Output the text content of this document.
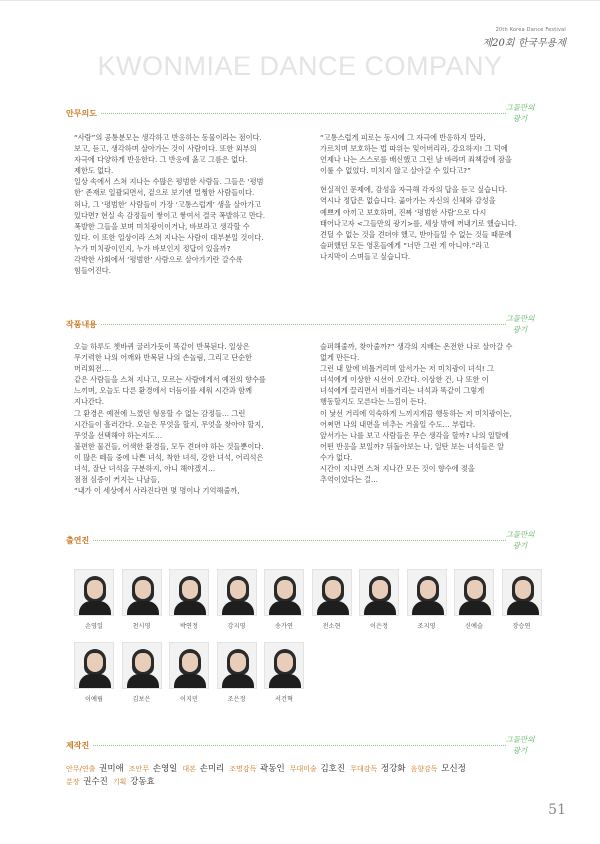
20th Korea Dance Festival
제20회 한국무용제
KWONMIAE DANCE COMPANY
안무의도
그들만의
광기

“사람”의 공통분모는 생각하고 반응하는 동물이라는 점이다.

보고, 듣고, 생각하며 살아가는 것이 사람이다. 또한 외부의

자극에 다양하게 반응한다. 그 반응에 옳고 그름은 없다.

제한도 없다.

일상 속에서 스쳐 지나는 수많은 평범한 사람들. 그들은 ‘평범

한’ 존재로 일괄되면서, 겉으로 보기엔 멀쩡한 사람들이다.

허나, 그 ‘평범한’ 사람들이 가장 ‘고통스럽게’ 생을 살아가고

있다면? 현실 속 감정들이 쌓이고 쌓여서 결국 폭발하고 만다.

폭발한 그들을 보며 미치광이이거나, 바보라고 생각할 수

있다. 이 또한 일상이라 스쳐 지나는 사람이 대부분일 것이다.

누가 미치광이인지, 누가 바보인지 정답이 있을까?

각박한 사회에서 ‘평범한’ 사람으로 살아가기란 갈수록

힘들어진다.

“고통스럽게 피로는 동시에 그 자극에 반응하지 말라,

가르치며 보호하는 법 따위는 잊어버리라, 강요하지! 그 덕에

언제나 나는 스스로를 배신했고 그런 날 바라며 죄책감에 잠을

이룰 수 없었다. 미치지 않고 살아갈 수 있다고?”

현실적인 문제에, 감성을 자극해 각자의 답을 듣고 싶습니다.

역시나 정답은 없습니다. 곪아가는 자신의 신체와 감성을

예쁘게 아끼고 보호하며, 진짜 ‘평범한 사람’으로 다시

태어나고자 <그들만의 광기>를, 세상 밖에 꺼내기로 했습니다.

견딜 수 없는 것을 견뎌야 했고, 받아들일 수 없는 것들 때문에

슬퍼했던 모든 영혼들에게 “너만 그런 게 아니야.”라고

나지막이 스며들고 싶습니다.

작품내용
그들만의
광기

오늘 하루도 쳇바퀴 굴러가듯이 똑같이 반복된다. 일상은

무기력한 나의 어깨와 반복된 나의 손놀림, 그리고 단순한

머리회전….

같은 사람들을 스쳐 지나고, 모르는 사람에게서 예전의 향수를

느끼며, 오늘도 다른 환경에서 더듬이를 세워 시간과 함께

지나간다.

그 환경은 예전에 느꼈던 형용할 수 없는 감정들… 그런

시간들이 흘러간다. 오늘은 무엇을 할지, 무엇을 찾아야 할지,

무엇을 선택해야 하는지도…

불편한 물건들, 어색한 환경들, 모두 견뎌야 하는 것들뿐이다.

이 많은 떼들 중에 나쁜 녀석, 착한 녀석, 강한 녀석, 어리석은

녀석, 잘난 녀석을 구분하지, 아니 해야겠지…

점점 심증이 커지는 나날들,

“내가 이 세상에서 사라진다면 몇 명이나 기억해줄까,

슬퍼해줄까, 찾아줄까?” 생각의 지배는 온전한 나로 살아갈 수

없게 만든다.

그런 내 앞에 비틀거리며 앞서가는 저 미치광이 녀석! 그

녀석에게 이상한 시선이 오간다. 이상한 건, 나 또한 이

녀석에게 끌리면서 비틀거리는 녀석과 똑같이 그렇게

행동할지도 모른다는 느낌이 든다.

이 낯선 거리에 익숙하게 느끼지게끔 행동하는 저 미치광이는,

어쩌면 나의 내면을 비추는 거울일 수도… 부럽다.

앞서가는 나를 보고 사람들은 무슨 생각을 할까? 나의 일탈에

어떤 반응을 보일까? 뒤돌아보는 나, 일탄 보는 녀석들은 알

수가 없다.

시간이 지나면 스쳐 지나간 모든 것이 향수에 젖을

추억이었다는 걸…

출연진
그들만의
광기
손영일	천시영	박연정	강지영	송가연	전소현	이은정	조지영	신예슬	장승연
이예림	김보은	이지민	조은정	서건혁
제작진
그들만의
광기
안무/연출 권미애 조안무 손영일 대본 손미리 조명감독 곽동인 무대미술 김호진 무대감독 정강화 음향감독 모신정
분장 권수진 기획 강동효
51
